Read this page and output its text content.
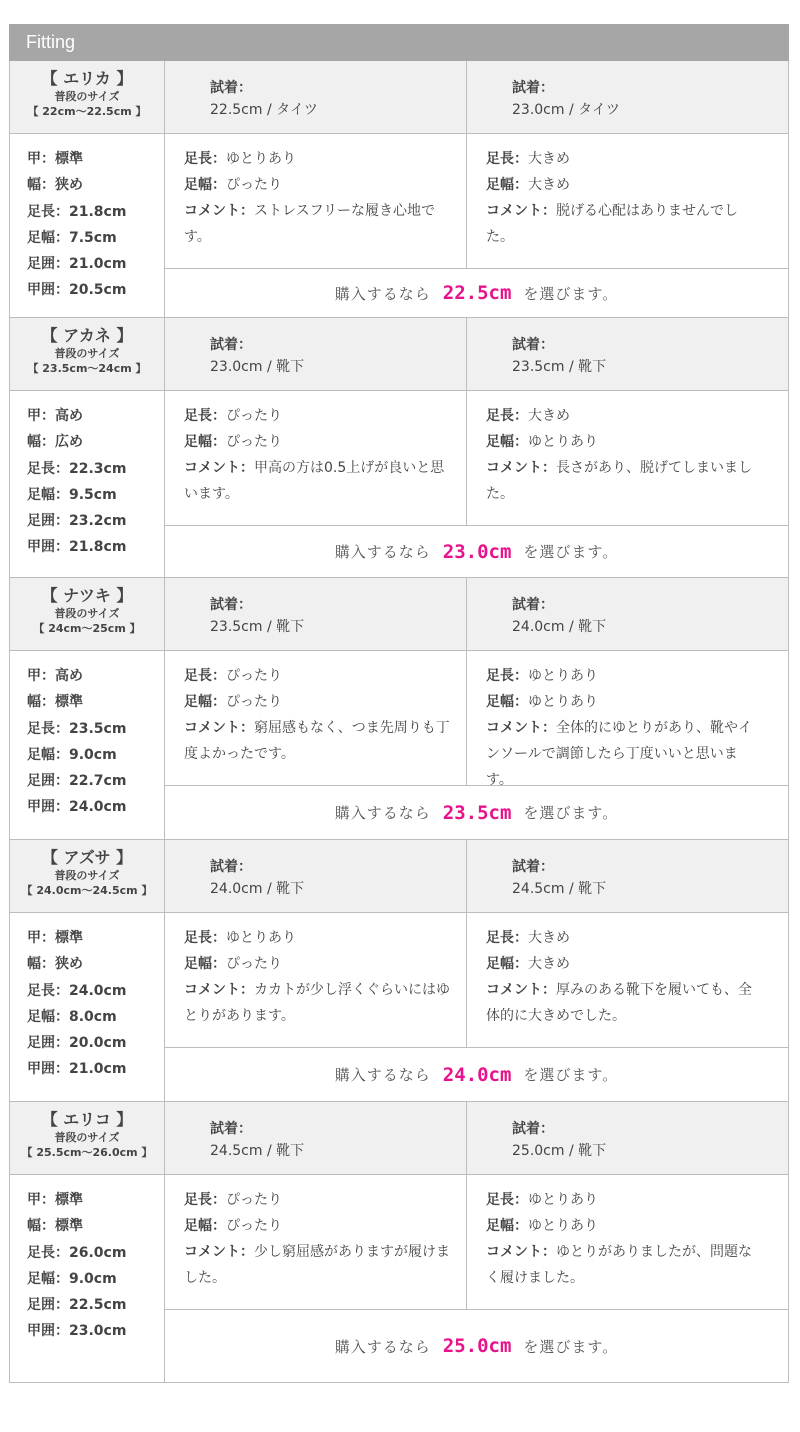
Fitting
【 エリカ 】
普段のサイズ
【 22cm～22.5cm 】
試着：
22.5cm / タイツ
試着：
23.0cm / タイツ
甲：標準
幅：狭め
足長：21.8cm
足幅：7.5cm
足囲：21.0cm
甲囲：20.5cm
足長：ゆとりあり
足幅：ぴったり
コメント：ストレスフリーな履き心地です。
足長：大きめ
足幅：大きめ
コメント：脱げる心配はありませんでした。
購入するなら 22.5cm を選びます。
【 アカネ 】
普段のサイズ
【 23.5cm～24cm 】
試着：
23.0cm / 靴下
試着：
23.5cm / 靴下
甲：高め
幅：広め
足長：22.3cm
足幅：9.5cm
足囲：23.2cm
甲囲：21.8cm
足長：ぴったり
足幅：ぴったり
コメント：甲高の方は0.5上げが良いと思います。
足長：大きめ
足幅：ゆとりあり
コメント：長さがあり、脱げてしまいました。
購入するなら 23.0cm を選びます。
【 ナツキ 】
普段のサイズ
【 24cm～25cm 】
試着：
23.5cm / 靴下
試着：
24.0cm / 靴下
甲：高め
幅：標準
足長：23.5cm
足幅：9.0cm
足囲：22.7cm
甲囲：24.0cm
足長：ぴったり
足幅：ぴったり
コメント：窮屈感もなく、つま先周りも丁度よかったです。
足長：ゆとりあり
足幅：ゆとりあり
コメント：全体的にゆとりがあり、靴やインソールで調節したら丁度いいと思います。
購入するなら 23.5cm を選びます。
【 アズサ 】
普段のサイズ
【 24.0cm～24.5cm 】
試着：
24.0cm / 靴下
試着：
24.5cm / 靴下
甲：標準
幅：狭め
足長：24.0cm
足幅：8.0cm
足囲：20.0cm
甲囲：21.0cm
足長：ゆとりあり
足幅：ぴったり
コメント：カカトが少し浮くぐらいにはゆとりがあります。
足長：大きめ
足幅：大きめ
コメント：厚みのある靴下を履いても、全体的に大きめでした。
購入するなら 24.0cm を選びます。
【 エリコ 】
普段のサイズ
【 25.5cm～26.0cm 】
試着：
24.5cm / 靴下
試着：
25.0cm / 靴下
甲：標準
幅：標準
足長：26.0cm
足幅：9.0cm
足囲：22.5cm
甲囲：23.0cm
足長：ぴったり
足幅：ぴったり
コメント：少し窮屈感がありますが履けました。
足長：ゆとりあり
足幅：ゆとりあり
コメント：ゆとりがありましたが、問題なく履けました。
購入するなら 25.0cm を選びます。
